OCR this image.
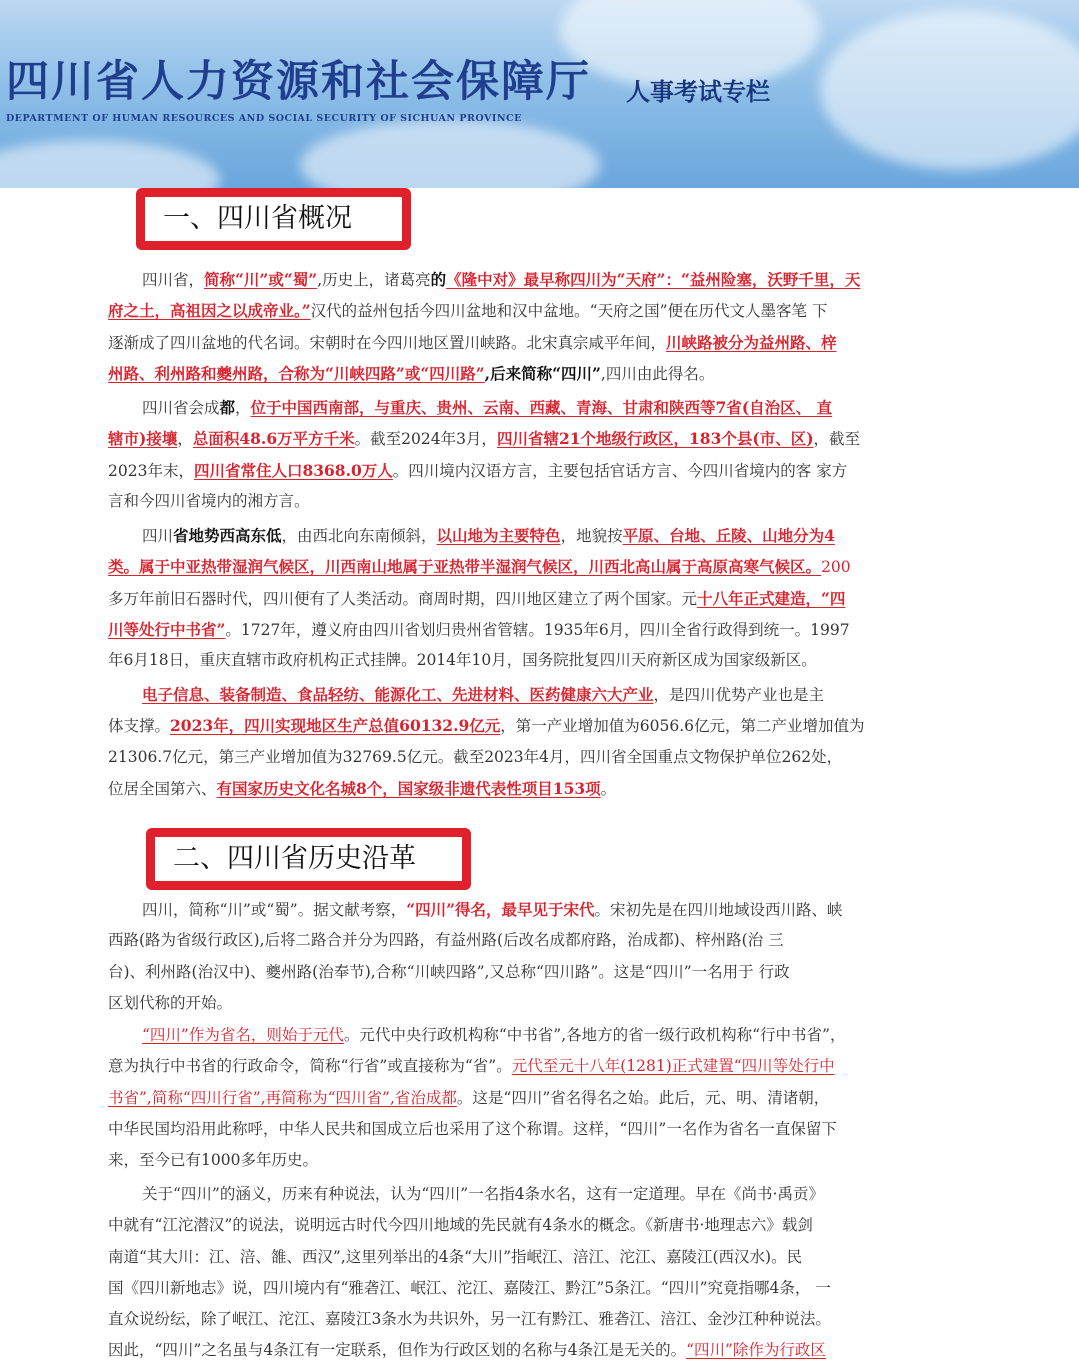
四川省人力资源和社会保障厅
DEPARTMENT OF HUMAN RESOURCES AND SOCIAL SECURITY OF SICHUAN PROVINCE
人事考试专栏
一、四川省概况
四川省，简称“川”或“蜀”,历史上，诸葛亮的《隆中对》最早称四川为“天府”：“益州险塞，沃野千里，天
府之土，高祖因之以成帝业。”汉代的益州包括今四川盆地和汉中盆地。“天府之国”便在历代文人墨客笔 下
逐渐成了四川盆地的代名词。宋朝时在今四川地区置川峡路。北宋真宗咸平年间，川峡路被分为益州路、梓
州路、利州路和夔州路，合称为“川峡四路”或“四川路”,后来简称“四川”,四川由此得名。
四川省会成都，位于中国西南部，与重庆、贵州、云南、西藏、青海、甘肃和陕西等7省(自治区、 直
辖市)接壤，总面积48.6万平方千米。截至2024年3月，四川省辖21个地级行政区，183个县(市、区)，截至
2023年末，四川省常住人口8368.0万人。四川境内汉语方言，主要包括官话方言、今四川省境内的客 家方
言和今四川省境内的湘方言。
四川省地势西高东低，由西北向东南倾斜，以山地为主要特色，地貌按平原、台地、丘陵、山地分为4
类。属于中亚热带湿润气候区，川西南山地属于亚热带半湿润气候区，川西北高山属于高原高寒气候区。200
多万年前旧石器时代，四川便有了人类活动。商周时期，四川地区建立了两个国家。元十八年正式建造，“四
川等处行中书省”。1727年，遵义府由四川省划归贵州省管辖。1935年6月，四川全省行政得到统一。1997
年6月18日，重庆直辖市政府机构正式挂牌。2014年10月，国务院批复四川天府新区成为国家级新区。
电子信息、装备制造、食品轻纺、能源化工、先进材料、医药健康六大产业，是四川优势产业也是主
体支撑。2023年，四川实现地区生产总值60132.9亿元，第一产业增加值为6056.6亿元，第二产业增加值为
21306.7亿元，第三产业增加值为32769.5亿元。截至2023年4月，四川省全国重点文物保护单位262处，
位居全国第六、有国家历史文化名城8个，国家级非遗代表性项目153项。
二、四川省历史沿革
四川，简称“川”或“蜀”。据文献考察，“四川”得名，最早见于宋代。宋初先是在四川地域设西川路、峡
西路(路为省级行政区),后将二路合并分为四路，有益州路(后改名成都府路，治成都)、梓州路(治 三
台)、利州路(治汉中)、夔州路(治奉节),合称“川峡四路”,又总称“四川路”。这是“四川”一名用于 行政
区划代称的开始。
“四川”作为省名，则始于元代。元代中央行政机构称“中书省”,各地方的省一级行政机构称“行中书省”，
意为执行中书省的行政命令，简称“行省”或直接称为“省”。元代至元十八年(1281)正式建置“四川等处行中
书省”,简称“四川行省”,再简称为“四川省”,省治成都。这是“四川”省名得名之始。此后，元、明、清诸朝，
中华民国均沿用此称呼，中华人民共和国成立后也采用了这个称谓。这样，“四川”一名作为省名一直保留下
来，至今已有1000多年历史。
关于“四川”的涵义，历来有种说法，认为“四川”一名指4条水名，这有一定道理。早在《尚书·禹贡》
中就有“江沱潜汉”的说法，说明远古时代今四川地域的先民就有4条水的概念。《新唐书·地理志六》载剑
南道“其大川：江、涪、雒、西汉”,这里列举出的4条“大川”指岷江、涪江、沱江、嘉陵江(西汉水)。民
国《四川新地志》说，四川境内有“雅砻江、岷江、沱江、嘉陵江、黔江”5条江。“四川”究竟指哪4条， 一
直众说纷纭，除了岷江、沱江、嘉陵江3条水为共识外，另一江有黔江、雅砻江、涪江、金沙江种种说法。
因此，“四川”之名虽与4条江有一定联系，但作为行政区划的名称与4条江是无关的。“四川”除作为行政区
